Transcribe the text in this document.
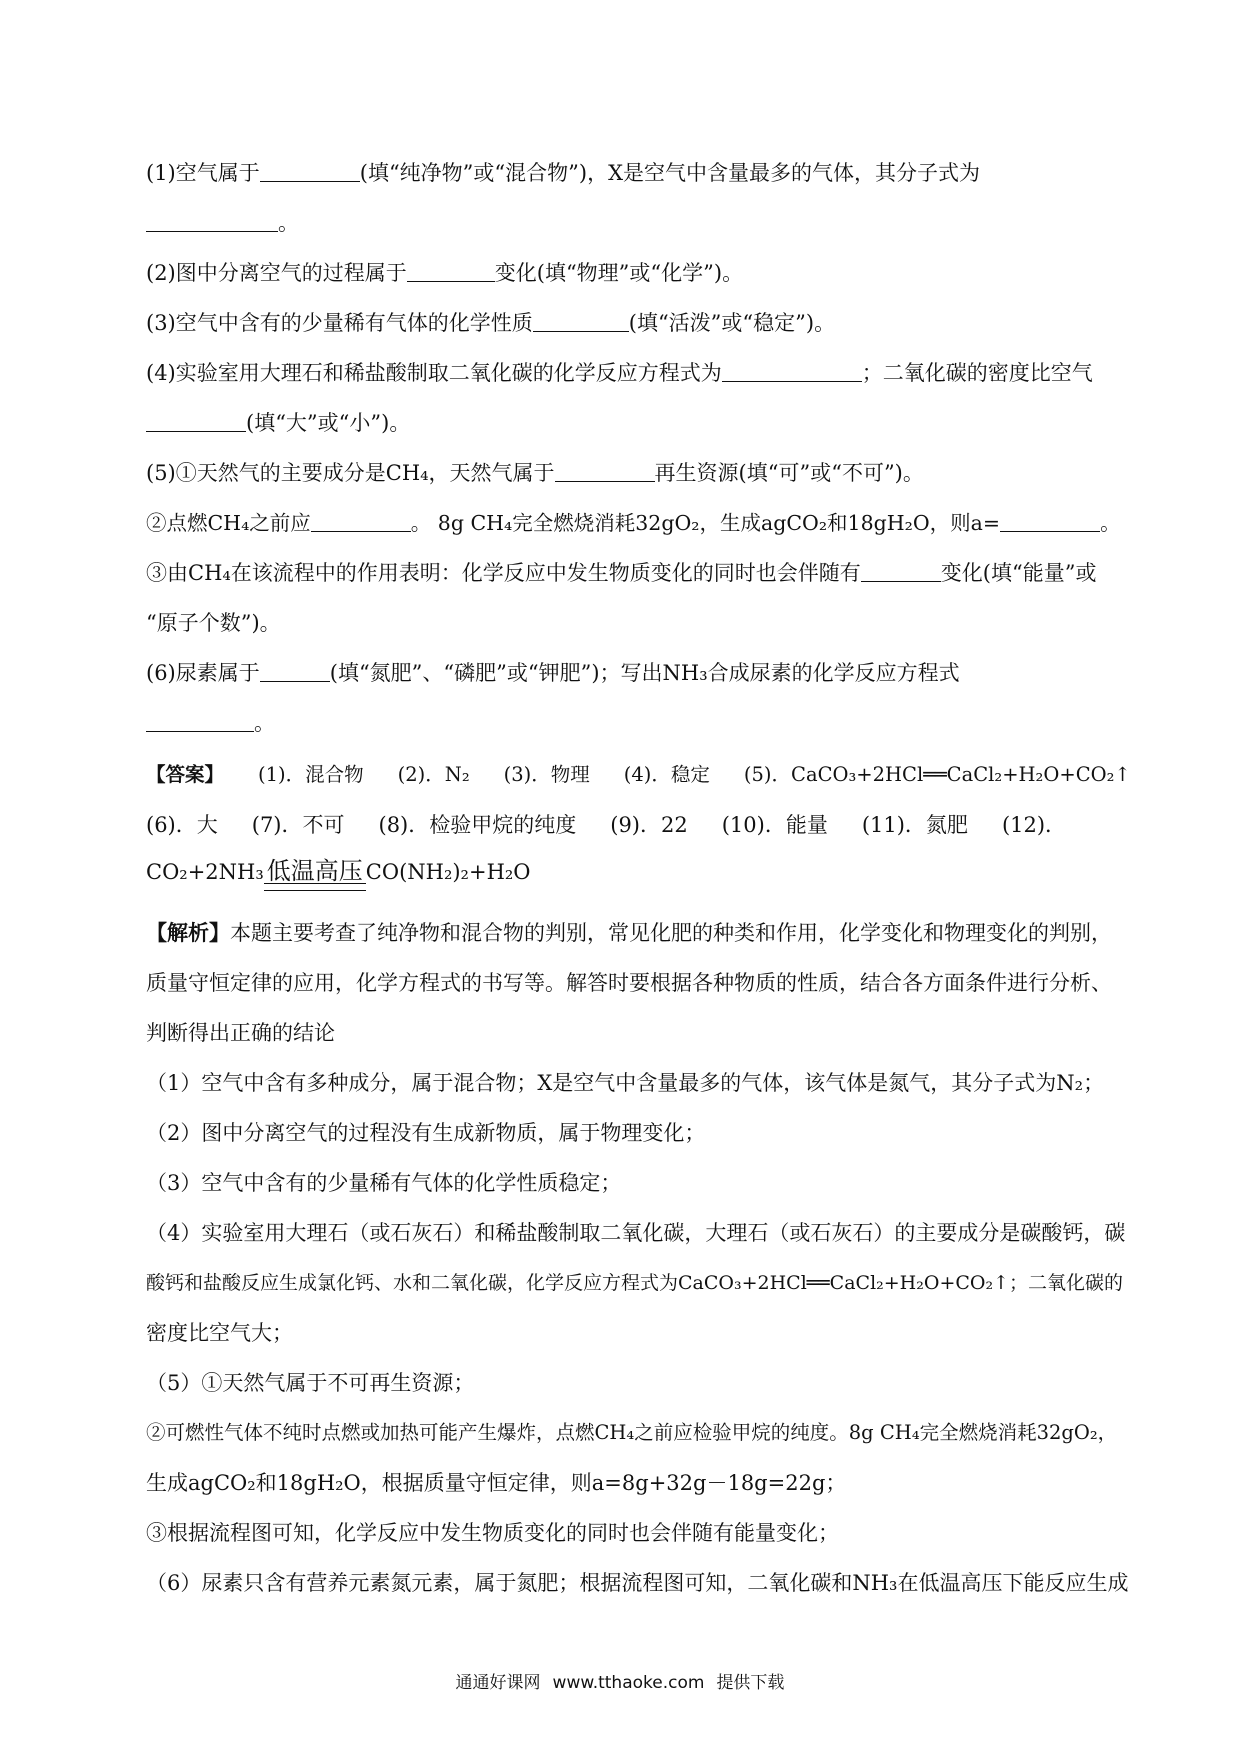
(1)空气属于	(填“纯净物”或“混合物”)，X是空气中含量最多的气体，其分子式为
。
(2)图中分离空气的过程属于	变化(填“物理”或“化学”)。
(3)空气中含有的少量稀有气体的化学性质	(填“活泼”或“稳定”)。
(4)实验室用大理石和稀盐酸制取二氧化碳的化学反应方程式为	；二氧化碳的密度比空气
(填“大”或“小”)。
(5)①天然气的主要成分是CH₄，天然气属于	再生资源(填“可”或“不可”)。
②点燃CH₄之前应	。 8g CH₄完全燃烧消耗32gO₂，生成agCO₂和18gH₂O，则a=	。
③由CH₄在该流程中的作用表明：化学反应中发生物质变化的同时也会伴随有	变化(填“能量”或
“原子个数”)。
(6)尿素属于	(填“氮肥”、“磷肥”或“钾肥”)；写出NH₃合成尿素的化学反应方程式
。
【答案】 (1)．混合物 (2)．N₂ (3)．物理 (4)．稳定 (5)．CaCO₃+2HCl══CaCl₂+H₂O+CO₂↑
(6)．大 (7)．不可 (8)．检验甲烷的纯度 (9)．22 (10)．能量 (11)．氮肥 (12)．
CO₂+2NH₃ 低温高压 CO(NH₂)₂+H₂O
【解析】本题主要考查了纯净物和混合物的判别，常见化肥的种类和作用，化学变化和物理变化的判别，
质量守恒定律的应用，化学方程式的书写等。解答时要根据各种物质的性质，结合各方面条件进行分析、
判断得出正确的结论
（1）空气中含有多种成分，属于混合物；X是空气中含量最多的气体，该气体是氮气，其分子式为N₂；
（2）图中分离空气的过程没有生成新物质，属于物理变化；
（3）空气中含有的少量稀有气体的化学性质稳定；
（4）实验室用大理石（或石灰石）和稀盐酸制取二氧化碳，大理石（或石灰石）的主要成分是碳酸钙，碳
酸钙和盐酸反应生成氯化钙、水和二氧化碳，化学反应方程式为CaCO₃+2HCl══CaCl₂+H₂O+CO₂↑；二氧化碳的
密度比空气大；
（5）①天然气属于不可再生资源；
②可燃性气体不纯时点燃或加热可能产生爆炸，点燃CH₄之前应检验甲烷的纯度。8g CH₄完全燃烧消耗32gO₂，
生成agCO₂和18gH₂O，根据质量守恒定律，则a=8g+32g－18g=22g；
③根据流程图可知，化学反应中发生物质变化的同时也会伴随有能量变化；
（6）尿素只含有营养元素氮元素，属于氮肥；根据流程图可知，二氧化碳和NH₃在低温高压下能反应生成
通通好课网 www.tthaoke.com 提供下载
